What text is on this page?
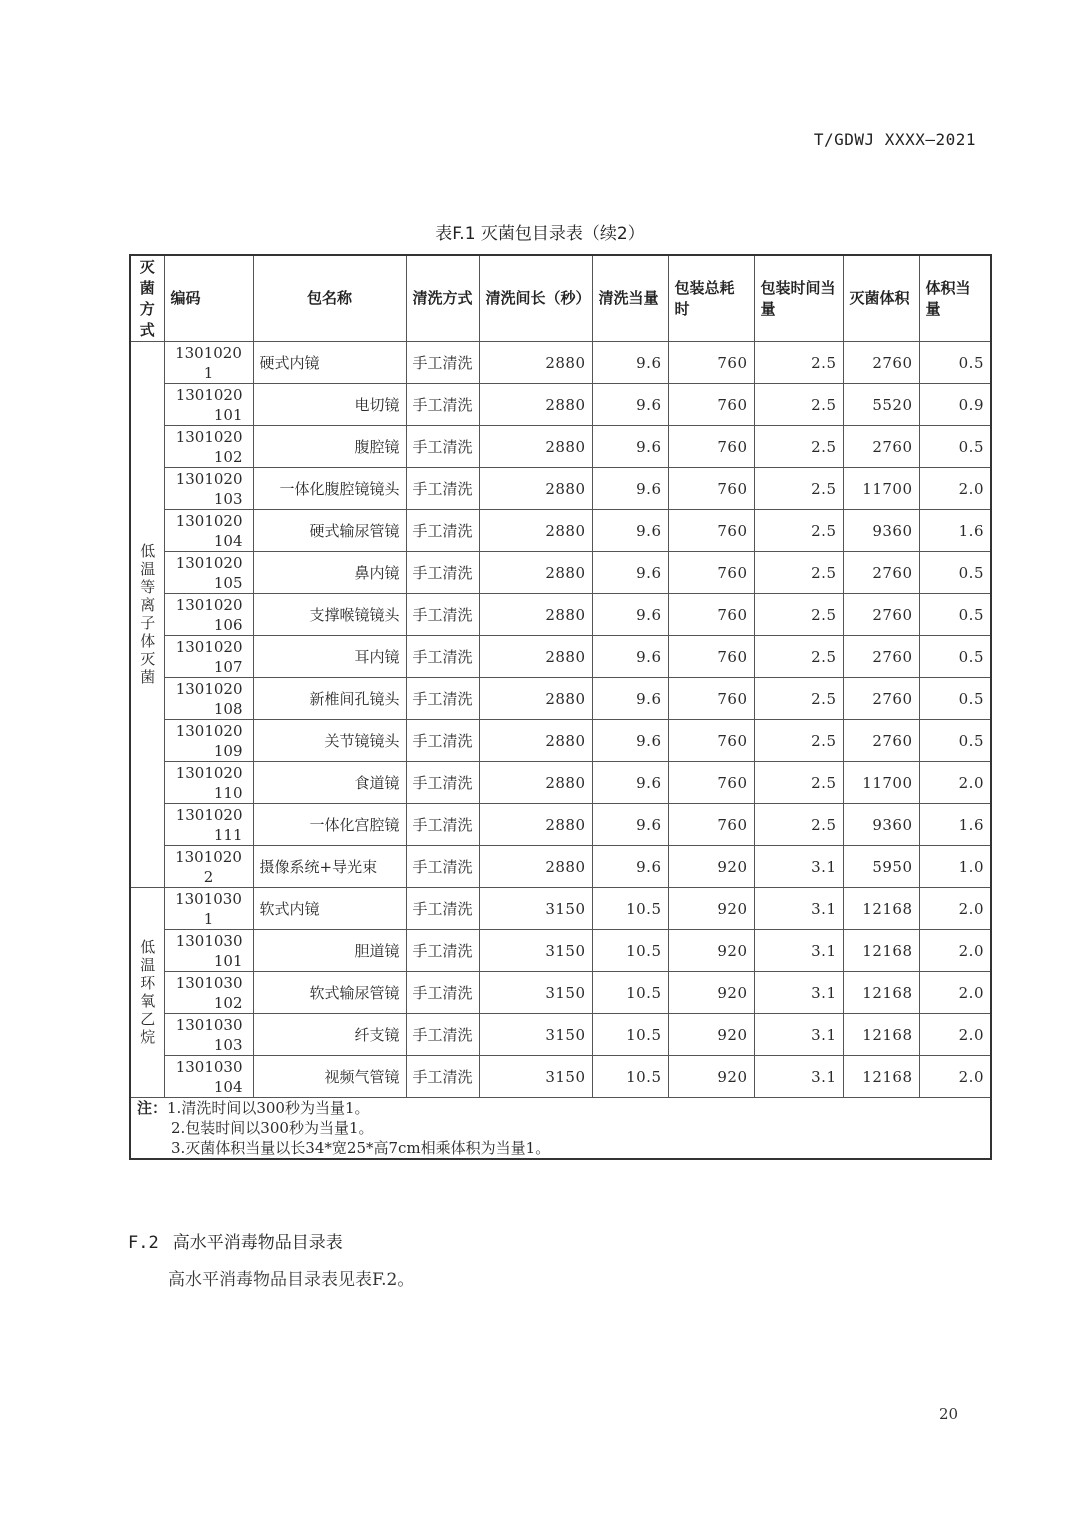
T/GDWJ XXXX—2021
表F.1 灭菌包目录表（续2）
灭菌方式	编码	包名称	清洗方式	清洗间长（秒）	清洗当量	包装总耗时	包装时间当量	灭菌体积	体积当量
低温等离子体灭菌	13010201	硬式内镜	手工清洗	2880	9.6	760	2.5	2760	0.5
	1301020101	电切镜	手工清洗	2880	9.6	760	2.5	5520	0.9
	1301020102	腹腔镜	手工清洗	2880	9.6	760	2.5	2760	0.5
	1301020103	一体化腹腔镜镜头	手工清洗	2880	9.6	760	2.5	11700	2.0
	1301020104	硬式输尿管镜	手工清洗	2880	9.6	760	2.5	9360	1.6
	1301020105	鼻内镜	手工清洗	2880	9.6	760	2.5	2760	0.5
	1301020106	支撑喉镜镜头	手工清洗	2880	9.6	760	2.5	2760	0.5
	1301020107	耳内镜	手工清洗	2880	9.6	760	2.5	2760	0.5
	1301020108	新椎间孔镜头	手工清洗	2880	9.6	760	2.5	2760	0.5
	1301020109	关节镜镜头	手工清洗	2880	9.6	760	2.5	2760	0.5
	1301020110	食道镜	手工清洗	2880	9.6	760	2.5	11700	2.0
	1301020111	一体化宫腔镜	手工清洗	2880	9.6	760	2.5	9360	1.6
	13010202	摄像系统+导光束	手工清洗	2880	9.6	920	3.1	5950	1.0
低温环氧乙烷	13010301	软式内镜	手工清洗	3150	10.5	920	3.1	12168	2.0
	1301030101	胆道镜	手工清洗	3150	10.5	920	3.1	12168	2.0
	1301030102	软式输尿管镜	手工清洗	3150	10.5	920	3.1	12168	2.0
	1301030103	纤支镜	手工清洗	3150	10.5	920	3.1	12168	2.0
	1301030104	视频气管镜	手工清洗	3150	10.5	920	3.1	12168	2.0

注：1.清洗时间以300秒为当量1。
2.包装时间以300秒为当量1。
3.灭菌体积当量以长34*宽25*高7cm相乘体积为当量1。									
F.2 高水平消毒物品目录表
高水平消毒物品目录表见表F.2。
20
